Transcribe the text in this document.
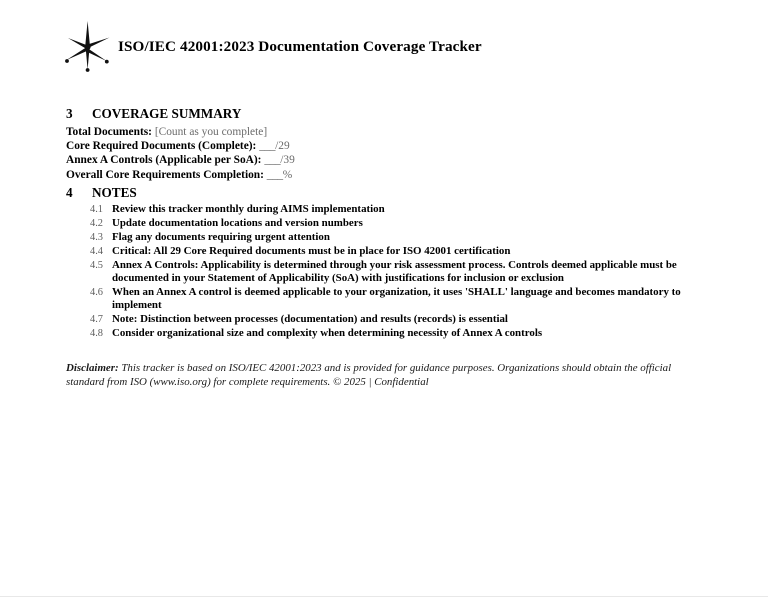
ISO/IEC 42001:2023 Documentation Coverage Tracker
3 COVERAGE SUMMARY

Total Documents: [Count as you complete]

Core Required Documents (Complete): ___/29

Annex A Controls (Applicable per SoA): ___/39

Overall Core Requirements Completion: ___%

4 NOTES
4.1 Review this tracker monthly during AIMS implementation
4.2 Update documentation locations and version numbers
4.3 Flag any documents requiring urgent attention
4.4 Critical: All 29 Core Required documents must be in place for ISO 42001 certification
4.5 Annex A Controls: Applicability is determined through your risk assessment process. Controls deemed applicable must be documented in your Statement of Applicability (SoA) with justifications for inclusion or exclusion
4.6 When an Annex A control is deemed applicable to your organization, it uses 'SHALL' language and becomes mandatory to implement
4.7 Note: Distinction between processes (documentation) and results (records) is essential
4.8 Consider organizational size and complexity when determining necessity of Annex A controls
Disclaimer: This tracker is based on ISO/IEC 42001:2023 and is provided for guidance purposes. Organizations should obtain the official standard from ISO (www.iso.org) for complete requirements. © 2025 | Confidential
